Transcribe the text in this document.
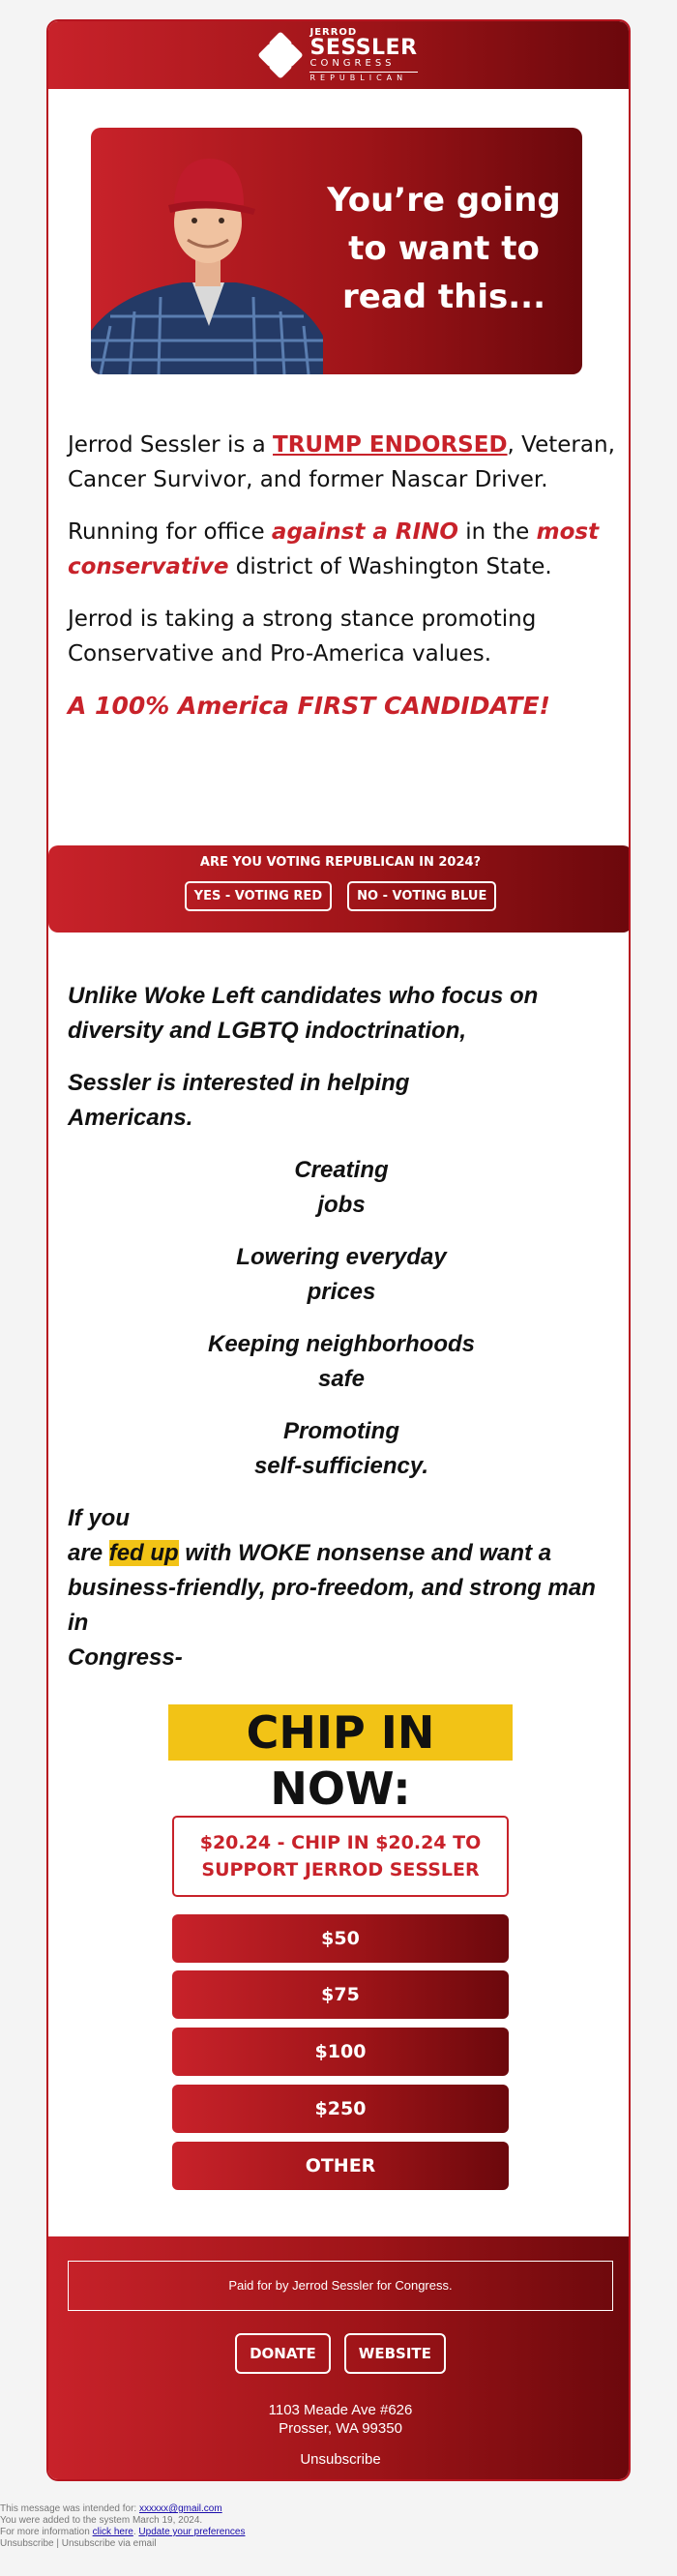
JERROD
SESSLER
CONGRESS
REPUBLICAN
You’re going to want to read this...

Jerrod Sessler is a TRUMP ENDORSED, Veteran, Cancer Survivor, and former Nascar Driver.

Running for office against a RINO in the most conservative district of Washington State.

Jerrod is taking a strong stance promoting Conservative and Pro-America values.

A 100% America FIRST CANDIDATE!

ARE YOU VOTING REPUBLICAN IN 2024?
YES - VOTING RED	NO - VOTING BLUE
Unlike Woke Left candidates who focus on diversity and LGBTQ indoctrination,
Sessler is interested in helping
Americans.
Creating
jobs
Lowering everyday
prices
Keeping neighborhoods
safe
Promoting
self-sufficiency.
If you
are fed up with WOKE nonsense and want a business-friendly, pro-freedom, and strong man in
Congress-
CHIP IN NOW:
$20.24 - CHIP IN $20.24 TO SUPPORT JERROD SESSLER
$50
$75
$100
$250
OTHER
Paid for by Jerrod Sessler for Congress.
DONATE	WEBSITE
1103 Meade Ave #626
Prosser, WA 99350
Unsubscribe
This message was intended for: xxxxxx@gmail.com
You were added to the system March 19, 2024.
For more information click here. Update your preferences
Unsubscribe | Unsubscribe via email
